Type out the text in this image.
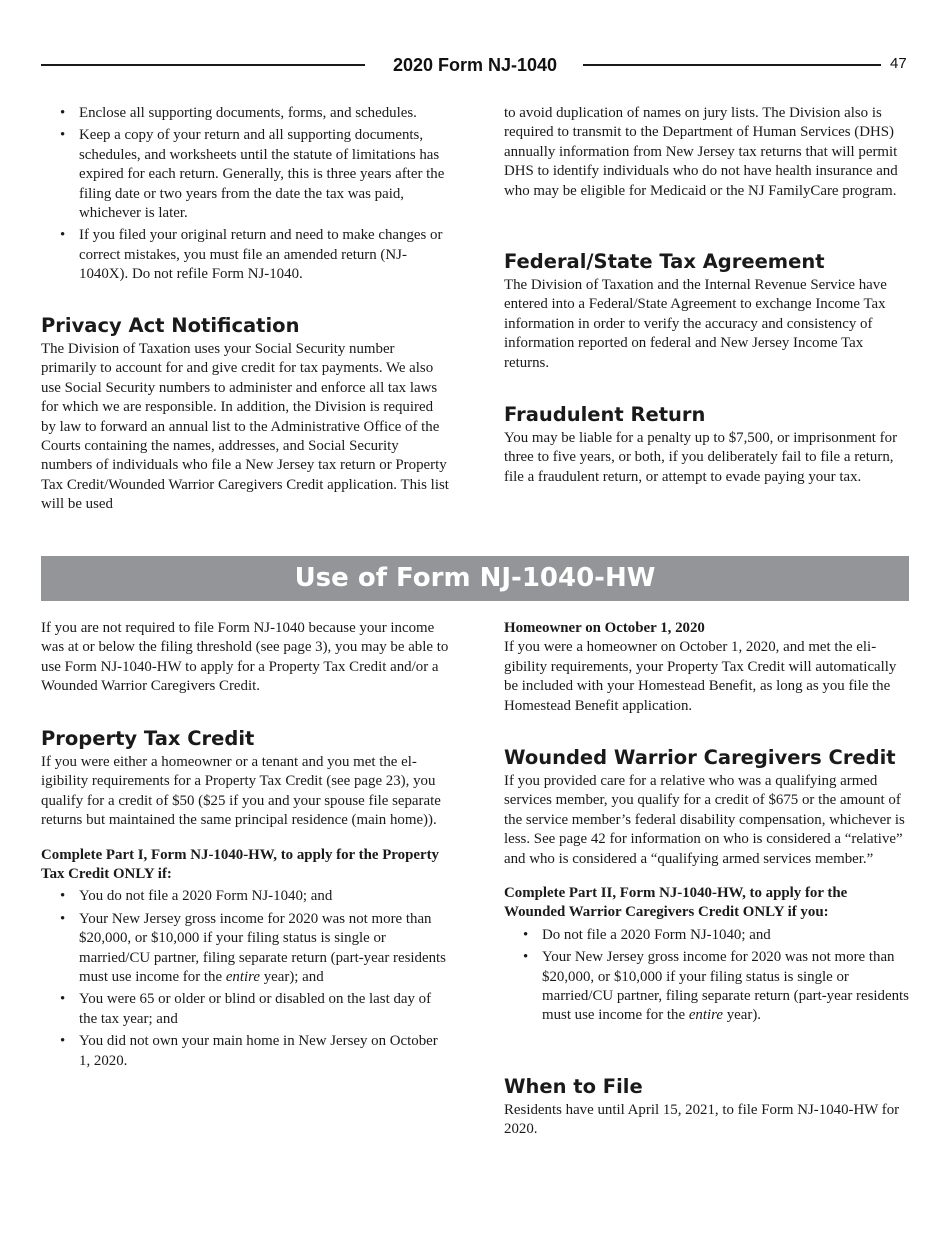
2020 Form NJ-1040	47
• Enclose all supporting documents, forms, and schedules.
• Keep a copy of your return and all supporting documents, schedules, and worksheets until the statute of limitations has expired for each return. Generally, this is three years after the filing date or two years from the date the tax was paid, whichever is later.
• If you filed your original return and need to make changes or correct mistakes, you must file an amended return (NJ-1040X). Do not refile Form NJ-1040.
Privacy Act Notification

The Division of Taxation uses your Social Security number primarily to account for and give credit for tax payments. We also use Social Security numbers to administer and enforce all tax laws for which we are responsible. In addition, the Division is required by law to forward an annual list to the Administrative Office of the Courts containing the names, addresses, and Social Security numbers of individuals who file a New Jersey tax return or Property Tax Credit/Wounded Warrior Caregivers Credit application. This list will be used

to avoid duplication of names on jury lists. The Division also is required to transmit to the Department of Human Services (DHS) annually information from New Jersey tax returns that will permit DHS to identify individuals who do not have health insurance and who may be eligible for Medicaid or the NJ FamilyCare program.

Federal/State Tax Agreement

The Division of Taxation and the Internal Revenue Service have entered into a Federal/State Agreement to exchange Income Tax information in order to verify the accuracy and consistency of information reported on federal and New Jersey Income Tax returns.

Fraudulent Return

You may be liable for a penalty up to $7,500, or imprisonment for three to five years, or both, if you deliberately fail to file a return, file a fraudulent return, or attempt to evade paying your tax.

Use of Form NJ-1040-HW

If you are not required to file Form NJ-1040 because your income was at or below the filing threshold (see page 3), you may be able to use Form NJ-1040-HW to apply for a Property Tax Credit and/or a Wounded Warrior Caregivers Credit.

Property Tax Credit

If you were either a homeowner or a tenant and you met the eligibility requirements for a Property Tax Credit (see page 23), you qualify for a credit of $50 ($25 if you and your spouse file separate returns but maintained the same principal residence (main home)).

Complete Part I, Form NJ-1040-HW, to apply for the Property Tax Credit ONLY if:

• You do not file a 2020 Form NJ-1040; and
• Your New Jersey gross income for 2020 was not more than $20,000, or $10,000 if your filing status is single or married/CU partner, filing separate return (part-year residents must use income for the entire year); and
• You were 65 or older or blind or disabled on the last day of the tax year; and
• You did not own your main home in New Jersey on October 1, 2020.

Homeowner on October 1, 2020

If you were a homeowner on October 1, 2020, and met the eligibility requirements, your Property Tax Credit will automatically be included with your Homestead Benefit, as long as you file the Homestead Benefit application.

Wounded Warrior Caregivers Credit

If you provided care for a relative who was a qualifying armed services member, you qualify for a credit of $675 or the amount of the service member’s federal disability compensation, whichever is less. See page 42 for information on who is considered a “relative” and who is considered a “qualifying armed services member.”

Complete Part II, Form NJ-1040-HW, to apply for the Wounded Warrior Caregivers Credit ONLY if you:

• Do not file a 2020 Form NJ-1040; and
• Your New Jersey gross income for 2020 was not more than $20,000, or $10,000 if your filing status is single or married/CU partner, filing separate return (part-year residents must use income for the entire year).
When to File

Residents have until April 15, 2021, to file Form NJ-1040-HW for 2020.
